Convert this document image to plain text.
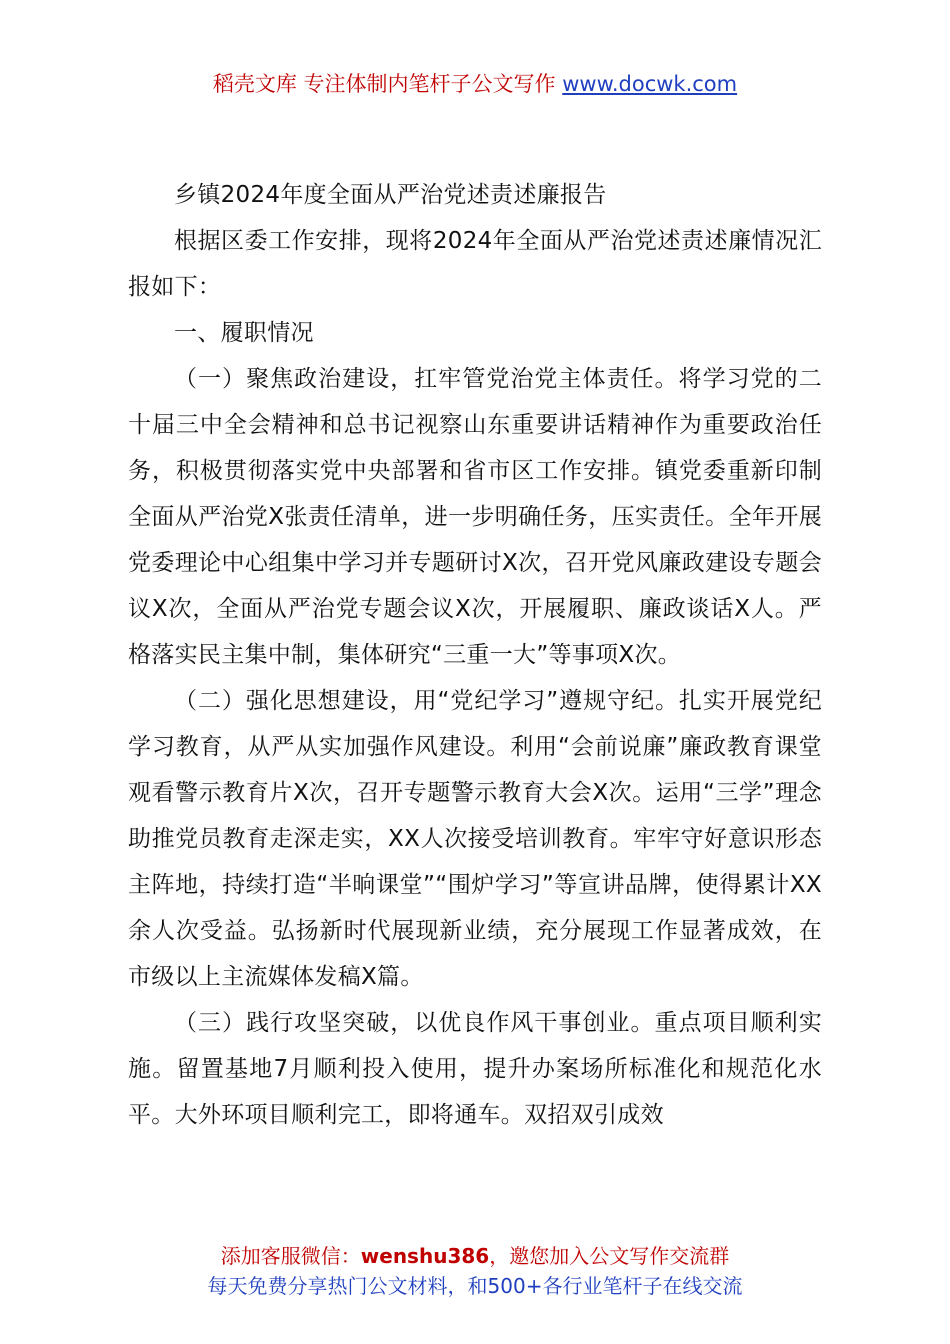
稻壳文库 专注体制内笔杆子公文写作 www.docwk.com

乡镇2024年度全面从严治党述责述廉报告

根据区委工作安排，现将2024年全面从严治党述责述廉情况汇报如下：

一、履职情况

（一）聚焦政治建设，扛牢管党治党主体责任。将学习党的二十届三中全会精神和总书记视察山东重要讲话精神作为重要政治任务，积极贯彻落实党中央部署和省市区工作安排。镇党委重新印制全面从严治党X张责任清单，进一步明确任务，压实责任。全年开展党委理论中心组集中学习并专题研讨X次，召开党风廉政建设专题会议X次，全面从严治党专题会议X次，开展履职、廉政谈话X人。严格落实民主集中制，集体研究“三重一大”等事项X次。

（二）强化思想建设，用“党纪学习”遵规守纪。扎实开展党纪学习教育，从严从实加强作风建设。利用“会前说廉”廉政教育课堂观看警示教育片X次，召开专题警示教育大会X次。运用“三学”理念助推党员教育走深走实，XX人次接受培训教育。牢牢守好意识形态主阵地，持续打造“半晌课堂”“围炉学习”等宣讲品牌，使得累计XX余人次受益。弘扬新时代展现新业绩，充分展现工作显著成效，在市级以上主流媒体发稿X篇。

（三）践行攻坚突破，以优良作风干事创业。重点项目顺利实施。留置基地7月顺利投入使用，提升办案场所标准化和规范化水平。大外环项目顺利完工，即将通车。双招双引成效

添加客服微信：wenshu386，邀您加入公文写作交流群
每天免费分享热门公文材料，和500+各行业笔杆子在线交流
